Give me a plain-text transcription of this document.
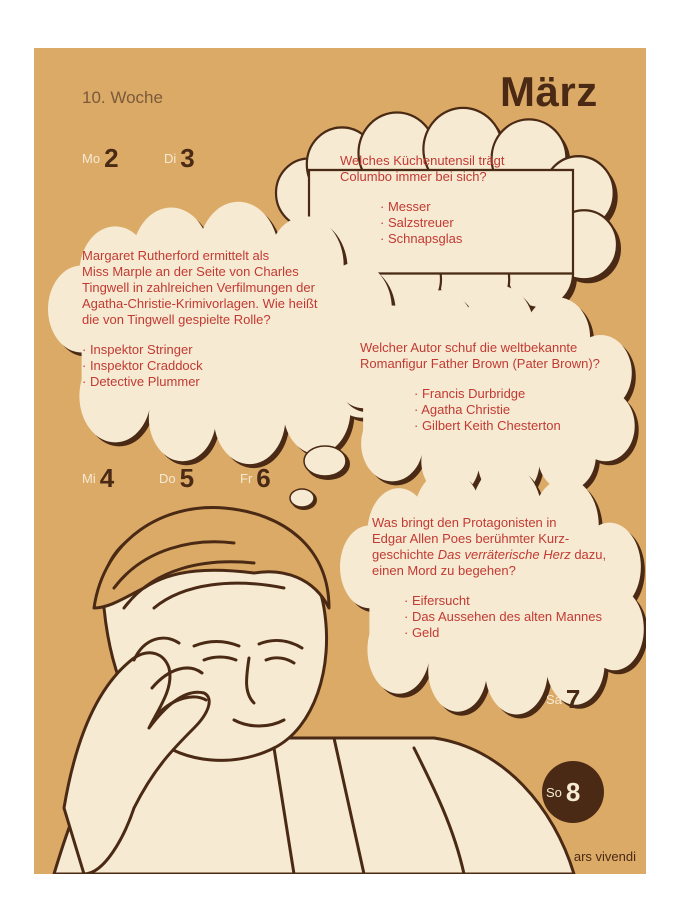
10. Woche	März
Mo 2	Di 3
Mi 4	Do 5	Fr 6
Sa 7
So 8
Welches Küchenutensil trägt
Columbo immer bei sich?
· Messer
· Salzstreuer
· Schnapsglas
Margaret Rutherford ermittelt als
Miss Marple an der Seite von Charles
Tingwell in zahlreichen Verfilmungen der
Agatha-Christie-Krimivorlagen. Wie heißt
die von Tingwell gespielte Rolle?
· Inspektor Stringer
· Inspektor Craddock
· Detective Plummer
Welcher Autor schuf die weltbekannte
Romanfigur Father Brown (Pater Brown)?
· Francis Durbridge
· Agatha Christie
· Gilbert Keith Chesterton
Was bringt den Protagonisten in
Edgar Allen Poes berühmter Kurz-
geschichte Das verräterische Herz dazu,
einen Mord zu begehen?
· Eifersucht
· Das Aussehen des alten Mannes
· Geld
ars vivendi
